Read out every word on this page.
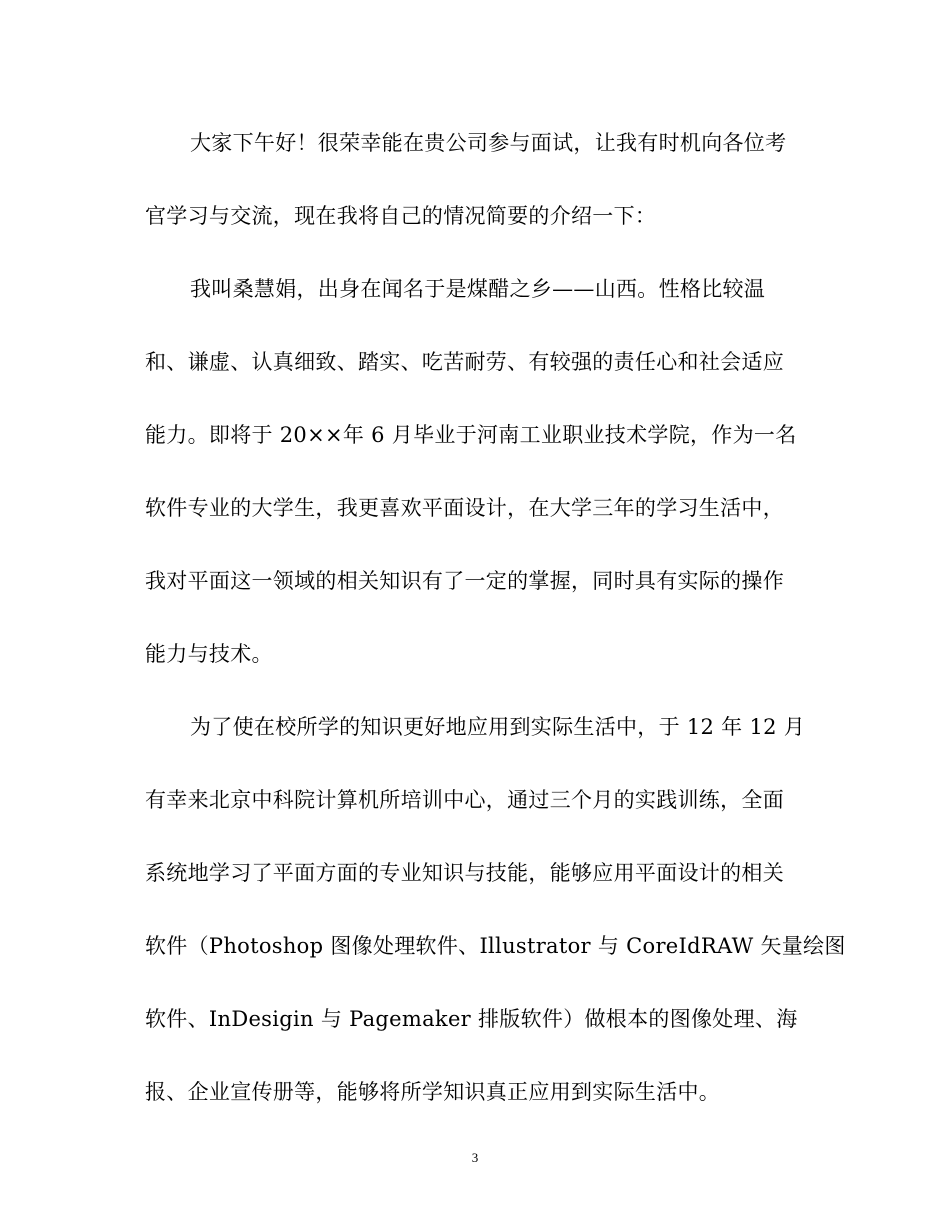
大家下午好！很荣幸能在贵公司参与面试，让我有时机向各位考
官学习与交流，现在我将自己的情况简要的介绍一下：
我叫桑慧娟，出身在闻名于是煤醋之乡——山西。性格比较温
和、谦虚、认真细致、踏实、吃苦耐劳、有较强的责任心和社会适应
能力。即将于 20××年 6 月毕业于河南工业职业技术学院，作为一名
软件专业的大学生，我更喜欢平面设计，在大学三年的学习生活中，
我对平面这一领域的相关知识有了一定的掌握，同时具有实际的操作
能力与技术。
为了使在校所学的知识更好地应用到实际生活中，于 12 年 12 月
有幸来北京中科院计算机所培训中心，通过三个月的实践训练，全面
系统地学习了平面方面的专业知识与技能，能够应用平面设计的相关
软件（Photoshop 图像处理软件、Illustrator 与 CoreIdRAW 矢量绘图
软件、InDesigin 与 Pagemaker 排版软件）做根本的图像处理、海
报、企业宣传册等，能够将所学知识真正应用到实际生活中。
3
